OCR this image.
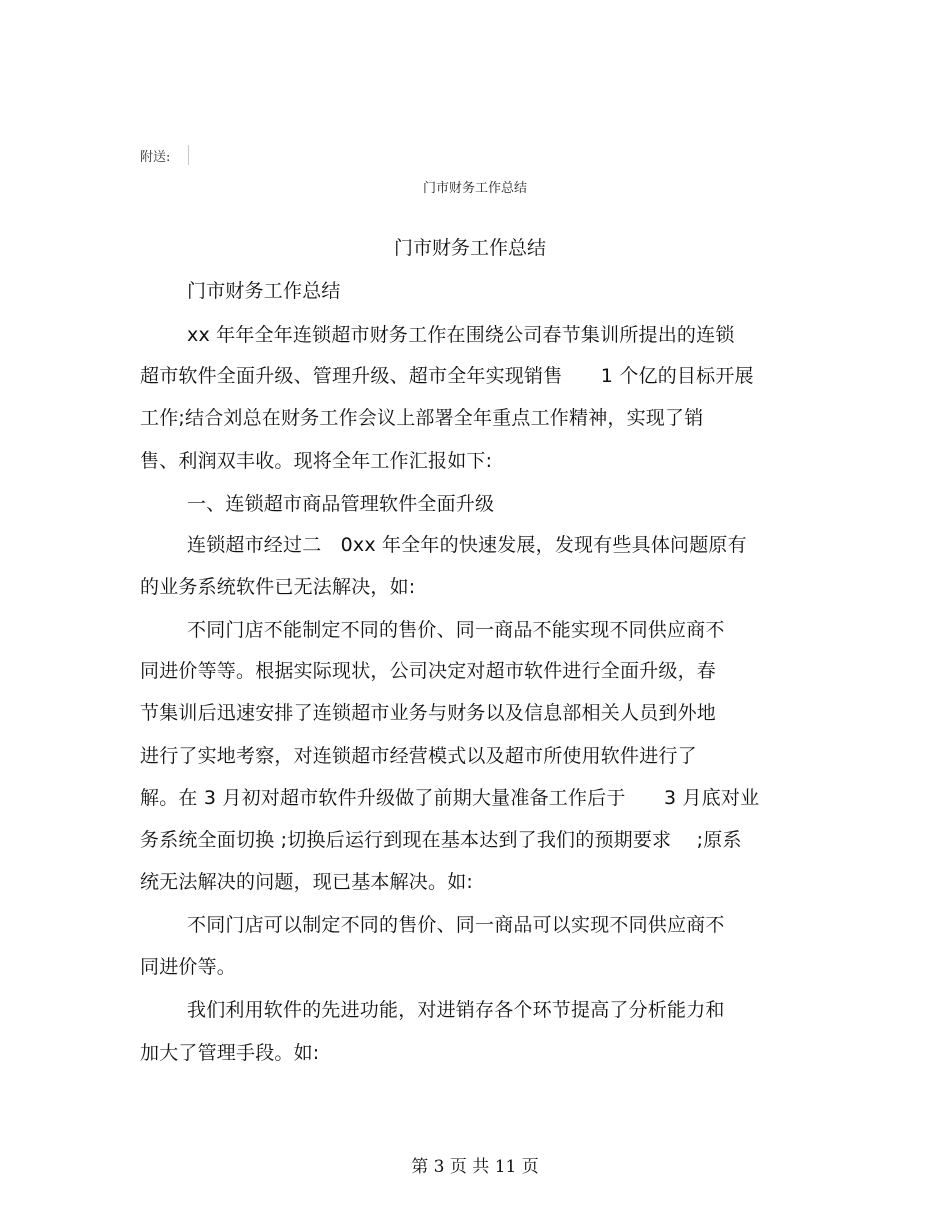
附送:
门市财务工作总结
门市财务工作总结
门市财务工作总结
xx 年年全年连锁超市财务工作在围绕公司春节集训所提出的连锁
超市软件全面升级、管理升级、超市全年实现销售　　1 个亿的目标开展
工作;结合刘总在财务工作会议上部署全年重点工作精神，实现了销
售、利润双丰收。现将全年工作汇报如下:
一、连锁超市商品管理软件全面升级
连锁超市经过二　0xx 年全年的快速发展，发现有些具体问题原有
的业务系统软件已无法解决，如:
不同门店不能制定不同的售价、同一商品不能实现不同供应商不
同进价等等。根据实际现状，公司决定对超市软件进行全面升级，春
节集训后迅速安排了连锁超市业务与财务以及信息部相关人员到外地
进行了实地考察，对连锁超市经营模式以及超市所使用软件进行了
解。在 3 月初对超市软件升级做了前期大量准备工作后于　　3 月底对业
务系统全面切换 ;切换后运行到现在基本达到了我们的预期要求　 ;原系
统无法解决的问题，现已基本解决。如:
不同门店可以制定不同的售价、同一商品可以实现不同供应商不
同进价等。
我们利用软件的先进功能，对进销存各个环节提高了分析能力和
加大了管理手段。如:
第 3 页 共 11 页
